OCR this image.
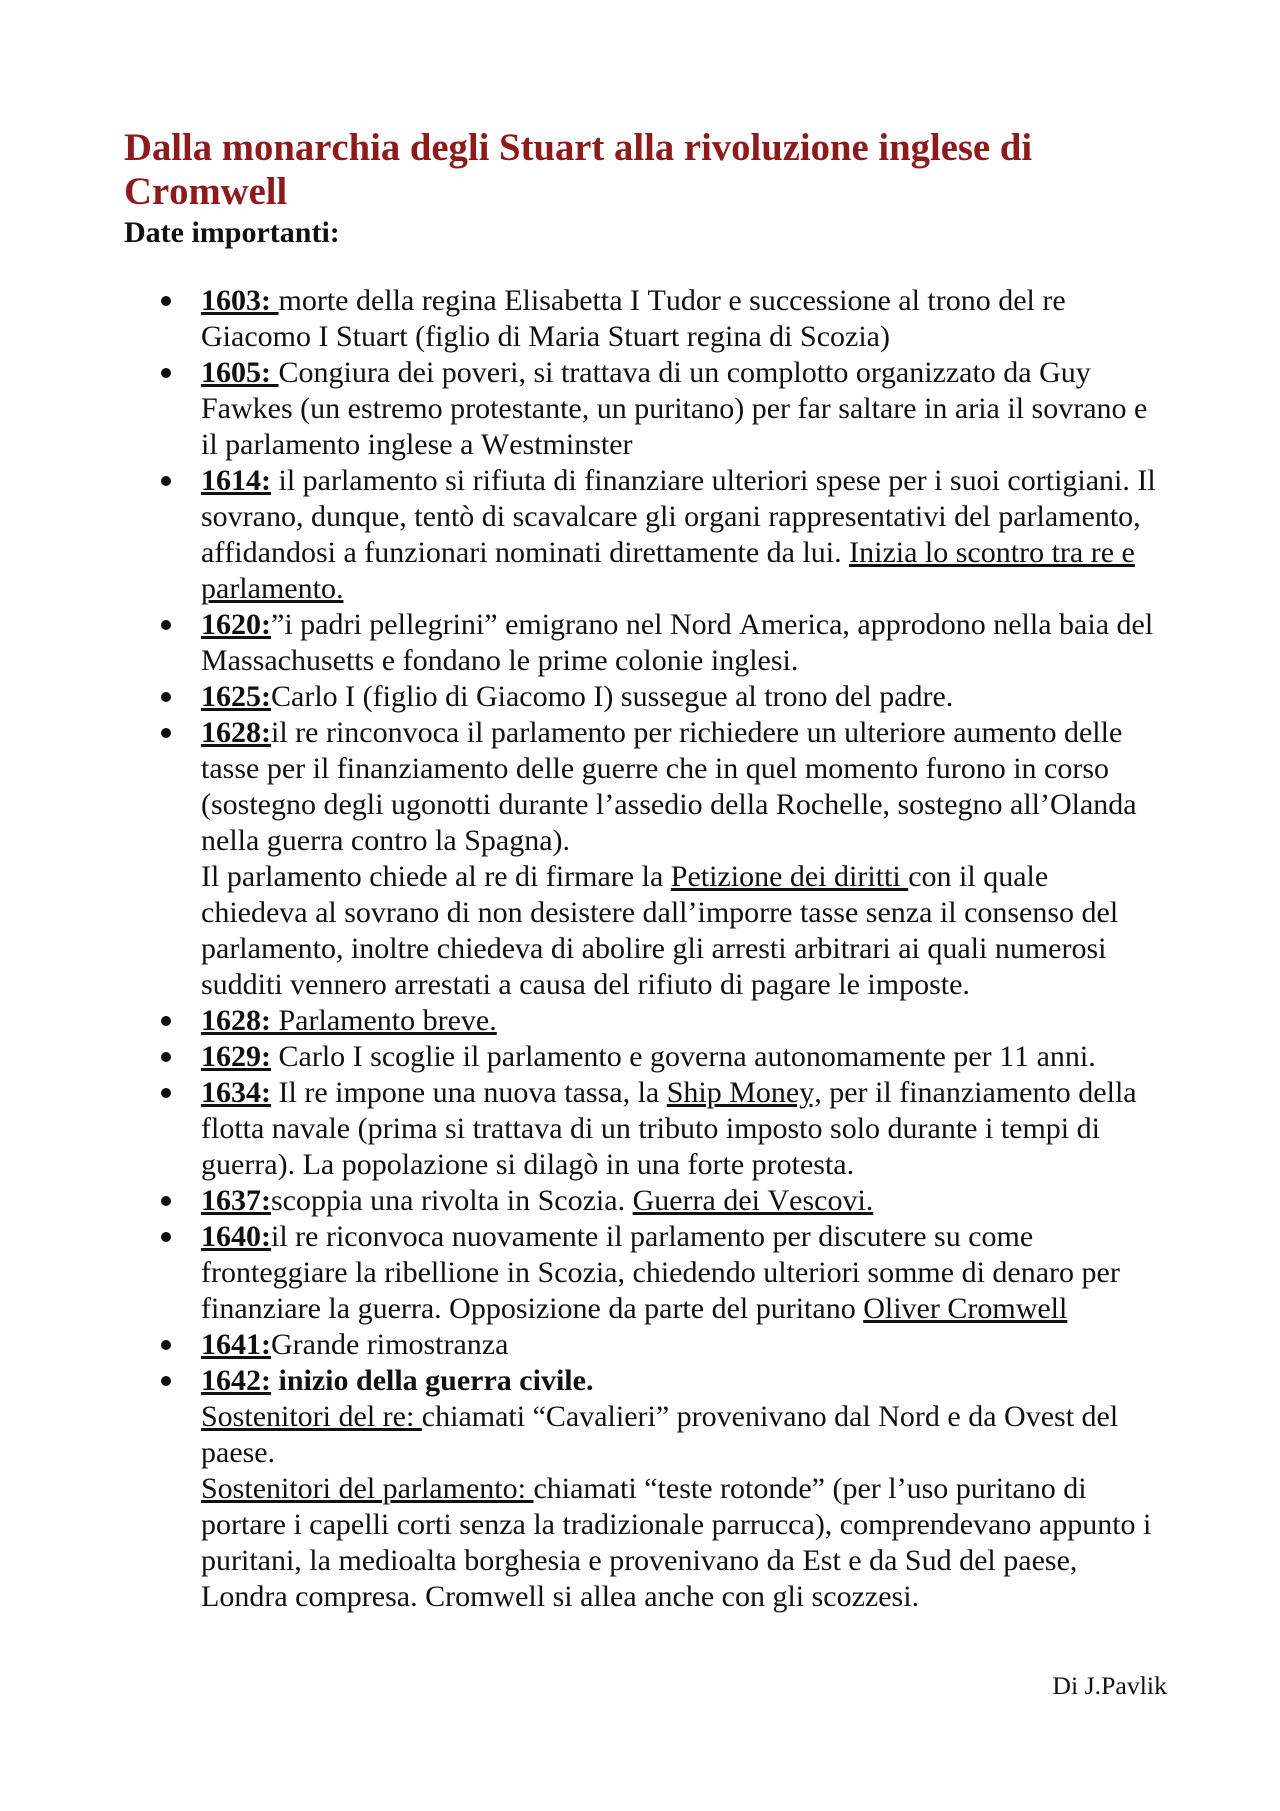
Dalla monarchia degli Stuart alla rivoluzione inglese di Cromwell
Date importanti:
1603: morte della regina Elisabetta I Tudor e successione al trono del re Giacomo I Stuart (figlio di Maria Stuart regina di Scozia)
1605: Congiura dei poveri, si trattava di un complotto organizzato da Guy Fawkes (un estremo protestante, un puritano) per far saltare in aria il sovrano e il parlamento inglese a Westminster
1614: il parlamento si rifiuta di finanziare ulteriori spese per i suoi cortigiani. Il sovrano, dunque, tentò di scavalcare gli organi rappresentativi del parlamento, affidandosi a funzionari nominati direttamente da lui. Inizia lo scontro tra re e parlamento.
1620:”i padri pellegrini” emigrano nel Nord America, approdono nella baia del Massachusetts e fondano le prime colonie inglesi.
1625:Carlo I (figlio di Giacomo I) sussegue al trono del padre.
1628:il re rinconvoca il parlamento per richiedere un ulteriore aumento delle tasse per il finanziamento delle guerre che in quel momento furono in corso (sostegno degli ugonotti durante l’assedio della Rochelle, sostegno all’Olanda nella guerra contro la Spagna).
Il parlamento chiede al re di firmare la Petizione dei diritti con il quale chiedeva al sovrano di non desistere dall’imporre tasse senza il consenso del parlamento, inoltre chiedeva di abolire gli arresti arbitrari ai quali numerosi sudditi vennero arrestati a causa del rifiuto di pagare le imposte.
1628: Parlamento breve.
1629: Carlo I scoglie il parlamento e governa autonomamente per 11 anni.
1634: Il re impone una nuova tassa, la Ship Money, per il finanziamento della flotta navale (prima si trattava di un tributo imposto solo durante i tempi di guerra). La popolazione si dilagò in una forte protesta.
1637:scoppia una rivolta in Scozia. Guerra dei Vescovi.
1640:il re riconvoca nuovamente il parlamento per discutere su come fronteggiare la ribellione in Scozia, chiedendo ulteriori somme di denaro per finanziare la guerra. Opposizione da parte del puritano Oliver Cromwell
1641:Grande rimostranza
1642: inizio della guerra civile.
Sostenitori del re: chiamati “Cavalieri” provenivano dal Nord e da Ovest del paese.
Sostenitori del parlamento: chiamati “teste rotonde” (per l’uso puritano di portare i capelli corti senza la tradizionale parrucca), comprendevano appunto i puritani, la medioalta borghesia e provenivano da Est e da Sud del paese, Londra compresa. Cromwell si allea anche con gli scozzesi.
Di J.Pavlik
